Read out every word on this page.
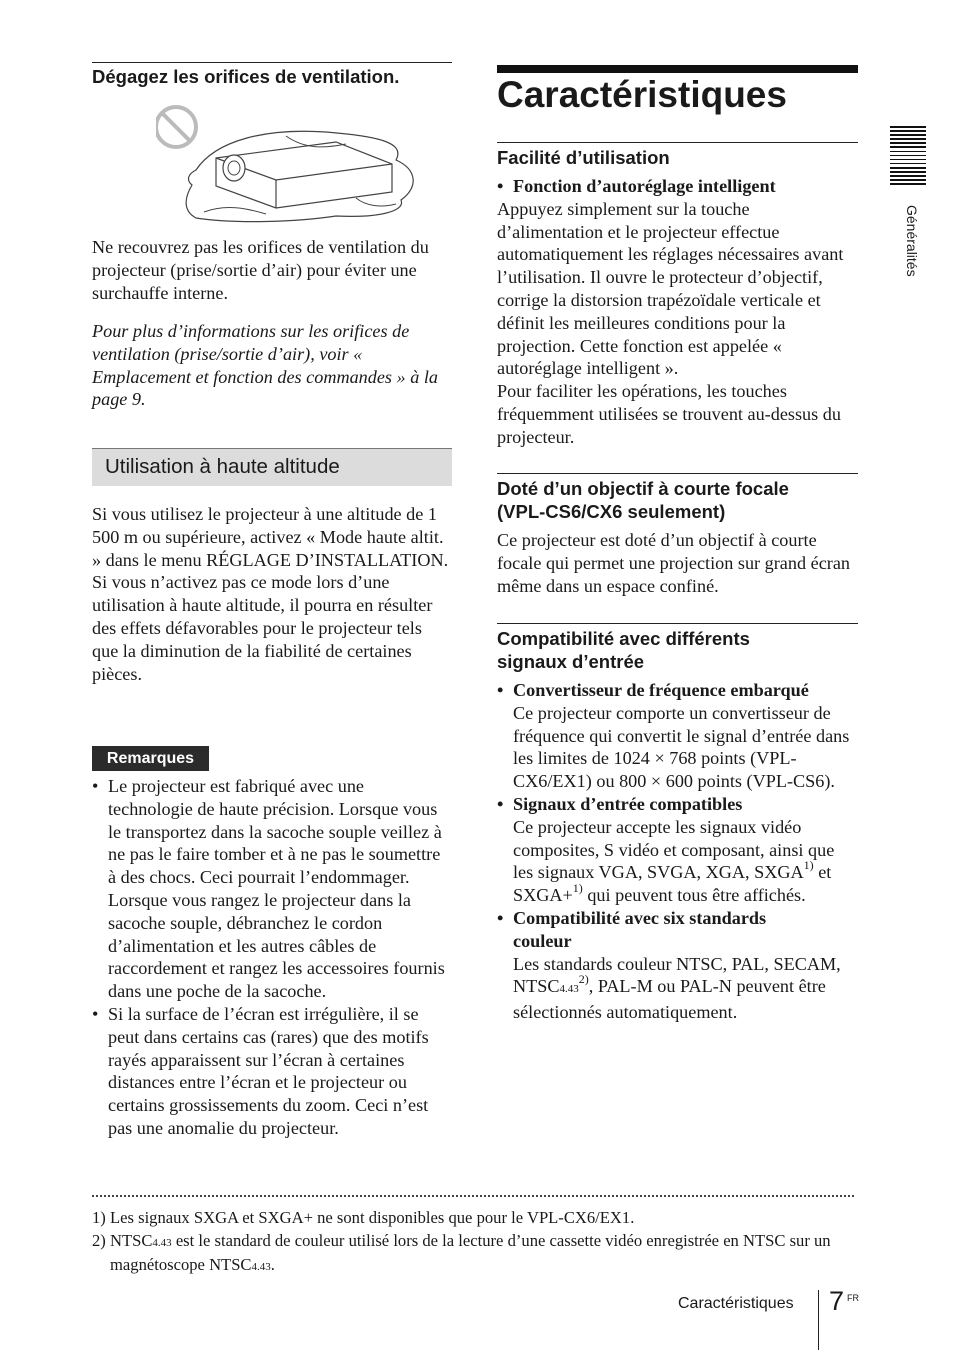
Dégagez les orifices de ventilation.

Ne recouvrez pas les orifices de ventilation du projecteur (prise/sortie d’air) pour éviter une surchauffe interne.

Pour plus d’informations sur les orifices de ventilation (prise/sortie d’air), voir « Emplacement et fonction des commandes » à la page 9.

Utilisation à haute altitude
Si vous utilisez le projecteur à une altitude de 1 500 m ou supérieure, activez « Mode haute altit. » dans le menu RÉGLAGE D’INSTALLATION.
Si vous n’activez pas ce mode lors d’une utilisation à haute altitude, il pourra en résulter des effets défavorables pour le projecteur tels que la diminution de la fiabilité de certaines pièces.
Remarques
• Le projecteur est fabriqué avec une technologie de haute précision. Lorsque vous le transportez dans la sacoche souple veillez à ne pas le faire tomber et à ne pas le soumettre à des chocs. Ceci pourrait l’endommager. Lorsque vous rangez le projecteur dans la sacoche souple, débranchez le cordon d’alimentation et les autres câbles de raccordement et rangez les accessoires fournis dans une poche de la sacoche.
• Si la surface de l’écran est irrégulière, il se peut dans certains cas (rares) que des motifs rayés apparaissent sur l’écran à certaines distances entre l’écran et le projecteur ou certains grossissements du zoom. Ceci n’est pas une anomalie du projecteur.
Caractéristiques
Facilité d’utilisation
• Fonction d’autoréglage intelligent
Appuyez simplement sur la touche d’alimentation et le projecteur effectue automatiquement les réglages nécessaires avant l’utilisation. Il ouvre le protecteur d’objectif, corrige la distorsion trapézoïdale verticale et définit les meilleures conditions pour la projection. Cette fonction est appelée « autoréglage intelligent ».
Pour faciliter les opérations, les touches fréquemment utilisées se trouvent au-dessus du projecteur.
Doté d’un objectif à courte focale
(VPL-CS6/CX6 seulement)

Ce projecteur est doté d’un objectif à courte focale qui permet une projection sur grand écran même dans un espace confiné.

Compatibilité avec différents
signaux d’entrée
• Convertisseur de fréquence embarqué
Ce projecteur comporte un convertisseur de fréquence qui convertit le signal d’entrée dans les limites de 1024 × 768 points (VPL-CX6/EX1) ou 800 × 600 points (VPL-CS6).
• Signaux d’entrée compatibles
Ce projecteur accepte les signaux vidéo composites, S vidéo et composant, ainsi que les signaux VGA, SVGA, XGA, SXGA$^{1)}$ et SXGA+$^{1)}$ qui peuvent tous être affichés.
• Compatibilité avec six standards
couleur
Les standards couleur NTSC, PAL, SECAM, NTSC4.43$^{2)}$, PAL-M ou PAL-N peuvent être sélectionnés automatiquement.
Généralités

1) Les signaux SXGA et SXGA+ ne sont disponibles que pour le VPL-CX6/EX1.

2) NTSC4.43 est le standard de couleur utilisé lors de la lecture d’une cassette vidéo enregistrée en NTSC sur un magnétoscope NTSC4.43.

Caractéristiques 7 FR
